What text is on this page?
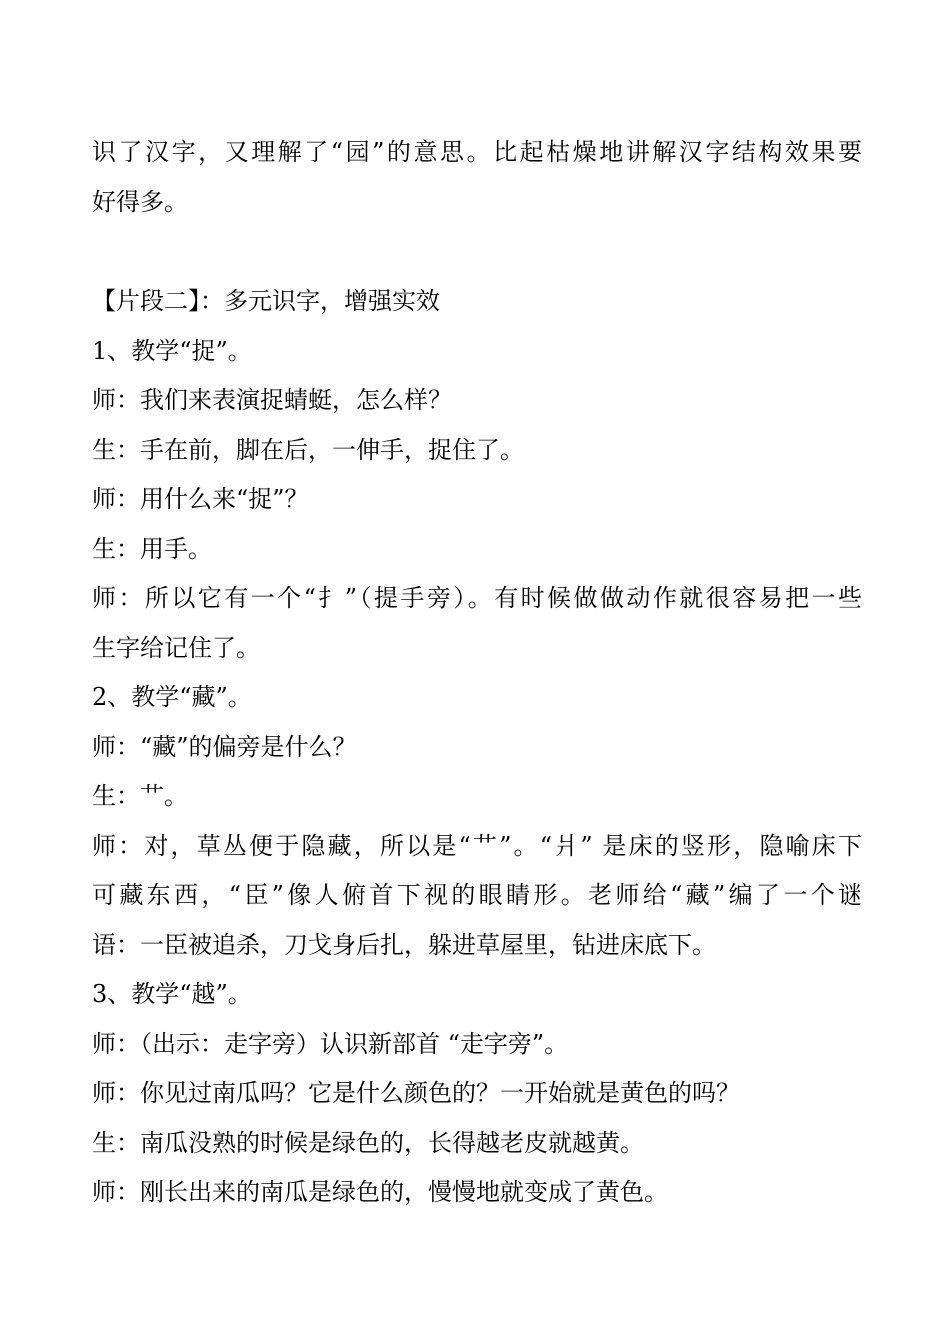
识了汉字，又理解了“园”的意思。比起枯燥地讲解汉字结构效果要
好得多。
【片段二】：多元识字，增强实效
1、教学“捉”。
师：我们来表演捉蜻蜓，怎么样？
生：手在前，脚在后，一伸手，捉住了。
师：用什么来“捉”？
生：用手。
师：所以它有一个“扌”（提手旁）。有时候做做动作就很容易把一些
生字给记住了。
2、教学“藏”。
师：“藏”的偏旁是什么？
生：艹。
师：对，草丛便于隐藏，所以是“艹”。“爿” 是床的竖形，隐喻床下
可藏东西，“臣”像人俯首下视的眼睛形。老师给“藏”编了一个谜
语：一臣被追杀，刀戈身后扎，躲进草屋里，钻进床底下。
3、教学“越”。
师：（出示：走字旁）认识新部首 “走字旁”。
师：你见过南瓜吗？它是什么颜色的？一开始就是黄色的吗？
生：南瓜没熟的时候是绿色的，长得越老皮就越黄。
师：刚长出来的南瓜是绿色的，慢慢地就变成了黄色。
